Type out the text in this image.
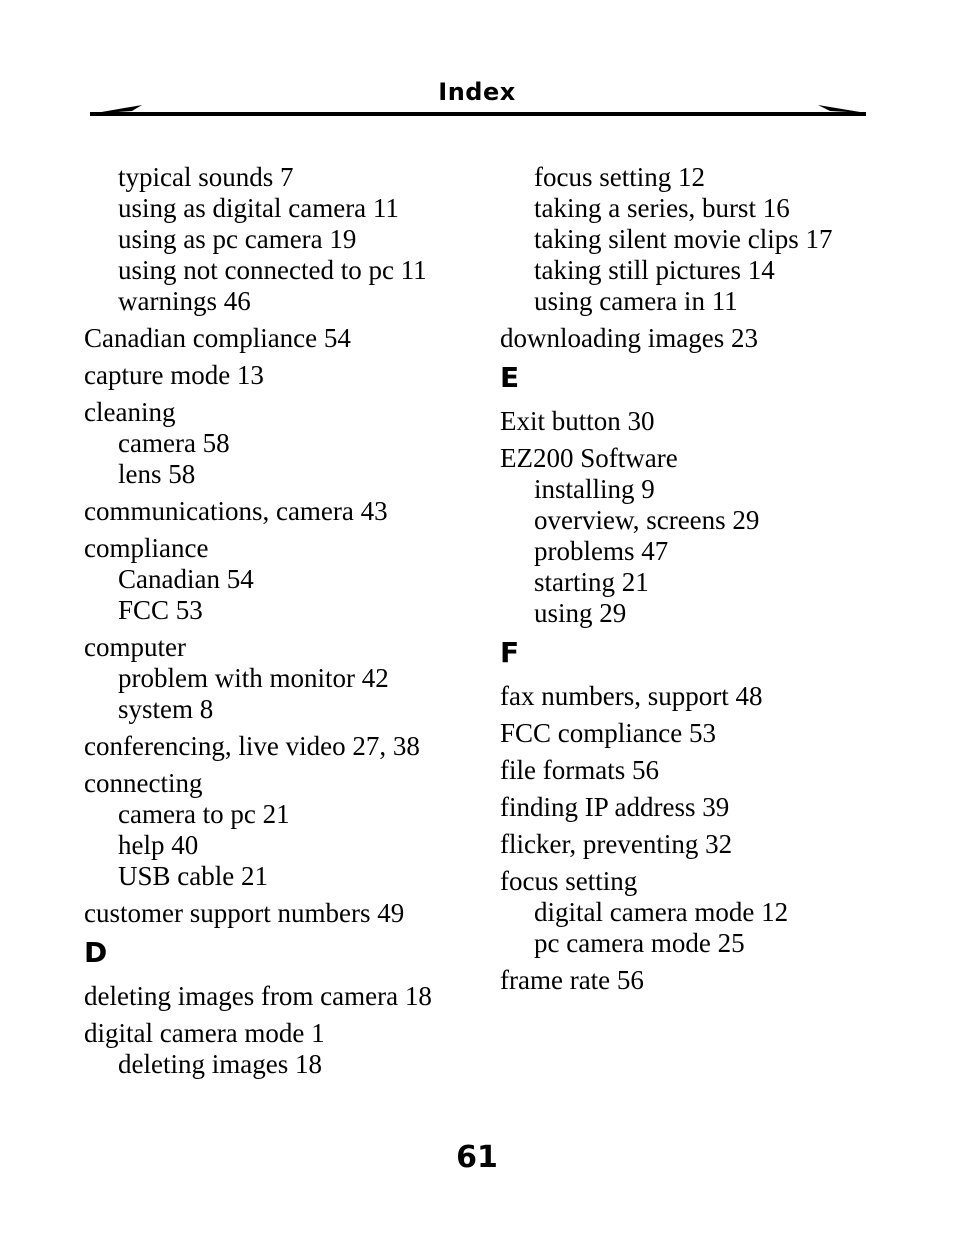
Index
typical sounds 7
using as digital camera 11
using as pc camera 19
using not connected to pc 11
warnings 46
Canadian compliance 54
capture mode 13
cleaning
camera 58
lens 58
communications, camera 43
compliance
Canadian 54
FCC 53
computer
problem with monitor 42
system 8
conferencing, live video 27, 38
connecting
camera to pc 21
help 40
USB cable 21
customer support numbers 49
D
deleting images from camera 18
digital camera mode 1
deleting images 18
focus setting 12
taking a series, burst 16
taking silent movie clips 17
taking still pictures 14
using camera in 11
downloading images 23
E
Exit button 30
EZ200 Software
installing 9
overview, screens 29
problems 47
starting 21
using 29
F
fax numbers, support 48
FCC compliance 53
file formats 56
finding IP address 39
flicker, preventing 32
focus setting
digital camera mode 12
pc camera mode 25
frame rate 56
61
